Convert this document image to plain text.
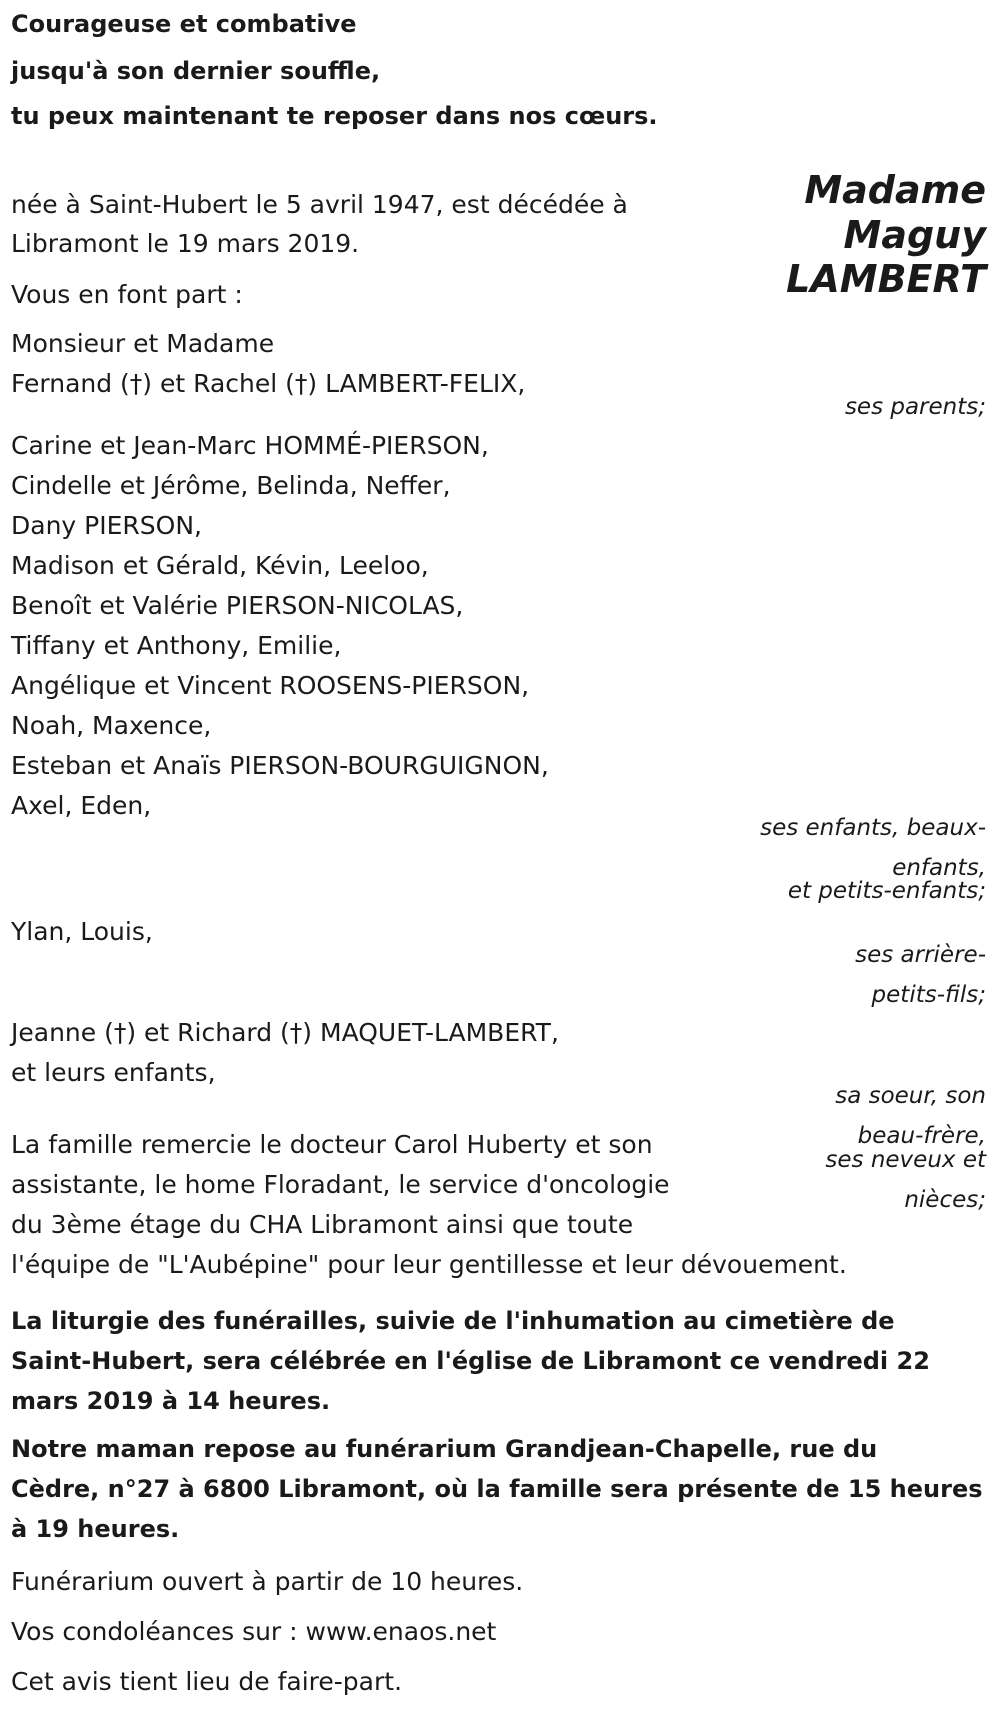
Courageuse et combative
jusqu'à son dernier souffle,
tu peux maintenant te reposer dans nos cœurs.
Madame
Maguy
LAMBERT
née à Saint-Hubert le 5 avril 1947, est décédée à
Libramont le 19 mars 2019.
Vous en font part :
Monsieur et Madame
Fernand (†) et Rachel (†) LAMBERT-FELIX,
ses parents;
Carine et Jean-Marc HOMMÉ-PIERSON,
Cindelle et Jérôme, Belinda, Neffer,
Dany PIERSON,
Madison et Gérald, Kévin, Leeloo,
Benoît et Valérie PIERSON-NICOLAS,
Tiffany et Anthony, Emilie,
Angélique et Vincent ROOSENS-PIERSON,
Noah, Maxence,
Esteban et Anaïs PIERSON-BOURGUIGNON,
Axel, Eden,
ses enfants, beaux-
enfants,
et petits-enfants;
Ylan, Louis,
ses arrière-
petits-fils;
Jeanne (†) et Richard (†) MAQUET-LAMBERT,
et leurs enfants,
sa soeur, son
beau-frère,
ses neveux et
nièces;
La famille remercie le docteur Carol Huberty et son
assistante, le home Floradant, le service d'oncologie
du 3ème étage du CHA Libramont ainsi que toute
l'équipe de "L'Aubépine" pour leur gentillesse et leur dévouement.
La liturgie des funérailles, suivie de l'inhumation au cimetière de
Saint-Hubert, sera célébrée en l'église de Libramont ce vendredi 22
mars 2019 à 14 heures.
Notre maman repose au funérarium Grandjean-Chapelle, rue du
Cèdre, n°27 à 6800 Libramont, où la famille sera présente de 15 heures
à 19 heures.
Funérarium ouvert à partir de 10 heures.
Vos condoléances sur : www.enaos.net
Cet avis tient lieu de faire-part.
